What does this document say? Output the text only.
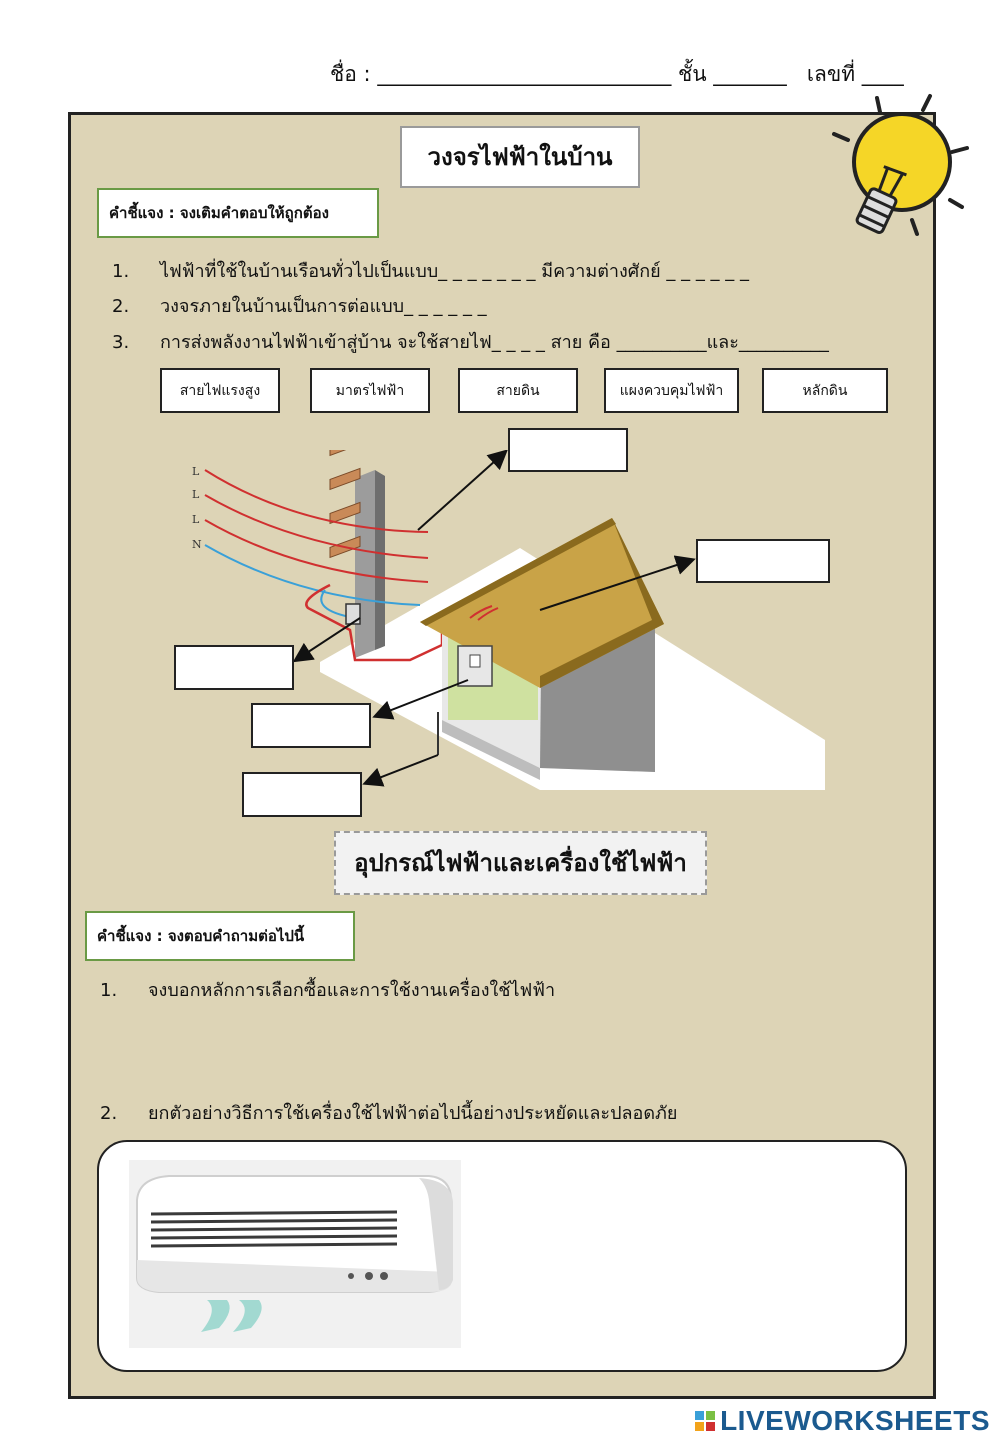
ชื่อ : ____________________________ ชั้น _______ เลขที่ ____
วงจรไฟฟ้าในบ้าน
คำชี้แจง : จงเติมคำตอบให้ถูกต้อง
1. ไฟฟ้าที่ใช้ในบ้านเรือนทั่วไปเป็นแบบ_ _ _ _ _ _ _ มีความต่างศักย์ _ _ _ _ _ _
2. วงจรภายในบ้านเป็นการต่อแบบ_ _ _ _ _ _
3. การส่งพลังงานไฟฟ้าเข้าสู่บ้าน จะใช้สายไฟ_ _ _ _ สาย คือ __________และ__________
สายไฟแรงสูง	มาตรไฟฟ้า	สายดิน	แผงควบคุมไฟฟ้า	หลักดิน
L
L
L
N
อุปกรณ์ไฟฟ้าและเครื่องใช้ไฟฟ้า
คำชี้แจง : จงตอบคำถามต่อไปนี้
1. จงบอกหลักการเลือกซื้อและการใช้งานเครื่องใช้ไฟฟ้า
2. ยกตัวอย่างวิธีการใช้เครื่องใช้ไฟฟ้าต่อไปนี้อย่างประหยัดและปลอดภัย
LIVEWORKSHEETS
